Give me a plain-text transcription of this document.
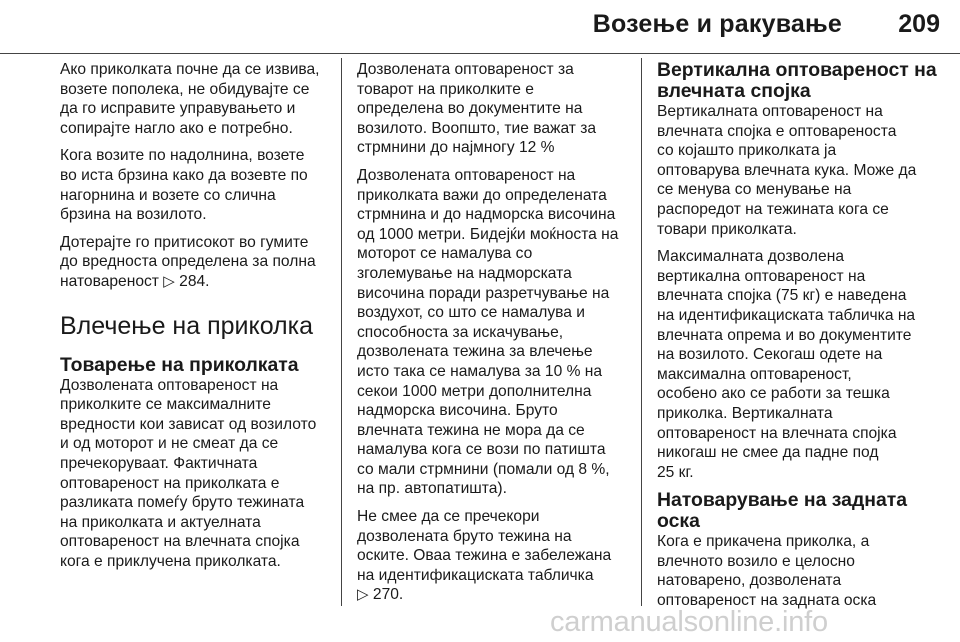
Возење и ракување 209

Ако приколката почне да се извива,
возете пополека, не обидувајте се
да го исправите управувањето и
сопирајте нагло ако е потребно.

Кога возите по надолнина, возете
во иста брзина како да возевте по
нагорнина и возете со слична
брзина на возилото.

Дотерајте го притисокот во гумите
до вредноста определена за полна
натовареност ▷ 284.

Влечење на приколка
Товарење на приколката

Дозволената оптовареност на
приколките се максималните
вредности кои зависат од возилото
и од моторот и не смеат да се
пречекоруваат. Фактичната
оптовареност на приколката е
разликата помеѓу бруто тежината
на приколката и актуелната
оптовареност на влечната спојка
кога е приклучена приколката.

Дозволената оптовареност за
товарот на приколките е
определена во документите на
возилото. Воопшто, тие важат за
стрмнини до најмногу 12 %

Дозволената оптовареност на
приколката важи до определената
стрмнина и до надморска височина
од 1000 метри. Бидејќи моќноста на
моторот се намалува со
зголемување на надморската
височина поради разретчување на
воздухот, со што се намалува и
способноста за искачување,
дозволената тежина за влечење
исто така се намалува за 10 % на
секои 1000 метри дополнителна
надморска височина. Бруто
влечната тежина не мора да се
намалува кога се вози по патишта
со мали стрмнини (помали од 8 %,
на пр. автопатишта).

Не смее да се пречекори
дозволената бруто тежина на
оските. Оваа тежина е забележана
на идентификациската табличка
▷ 270.

Вертикална оптовареност на
влечната спојка

Вертикалната оптовареност на
влечната спојка е оптовареноста
со којашто приколката ја
оптоварува влечната кука. Може да
се менува со менување на
распоредот на тежината кога се
товари приколката.

Максималната дозволена
вертикална оптовареност на
влечната спојка (75 кг) е наведена
на идентификациската табличка на
влечната опрема и во документите
на возилото. Секогаш одете на
максимална оптовареност,
особено ако се работи за тешка
приколка. Вертикалната
оптовареност на влечната спојка
никогаш не смее да падне под
25 кг.

Натоварување на задната
оска

Кога е прикачена приколка, а
влечното возило е целосно
натоварено, дозволената
оптовареност на задната оска

carmanualsonline.info
